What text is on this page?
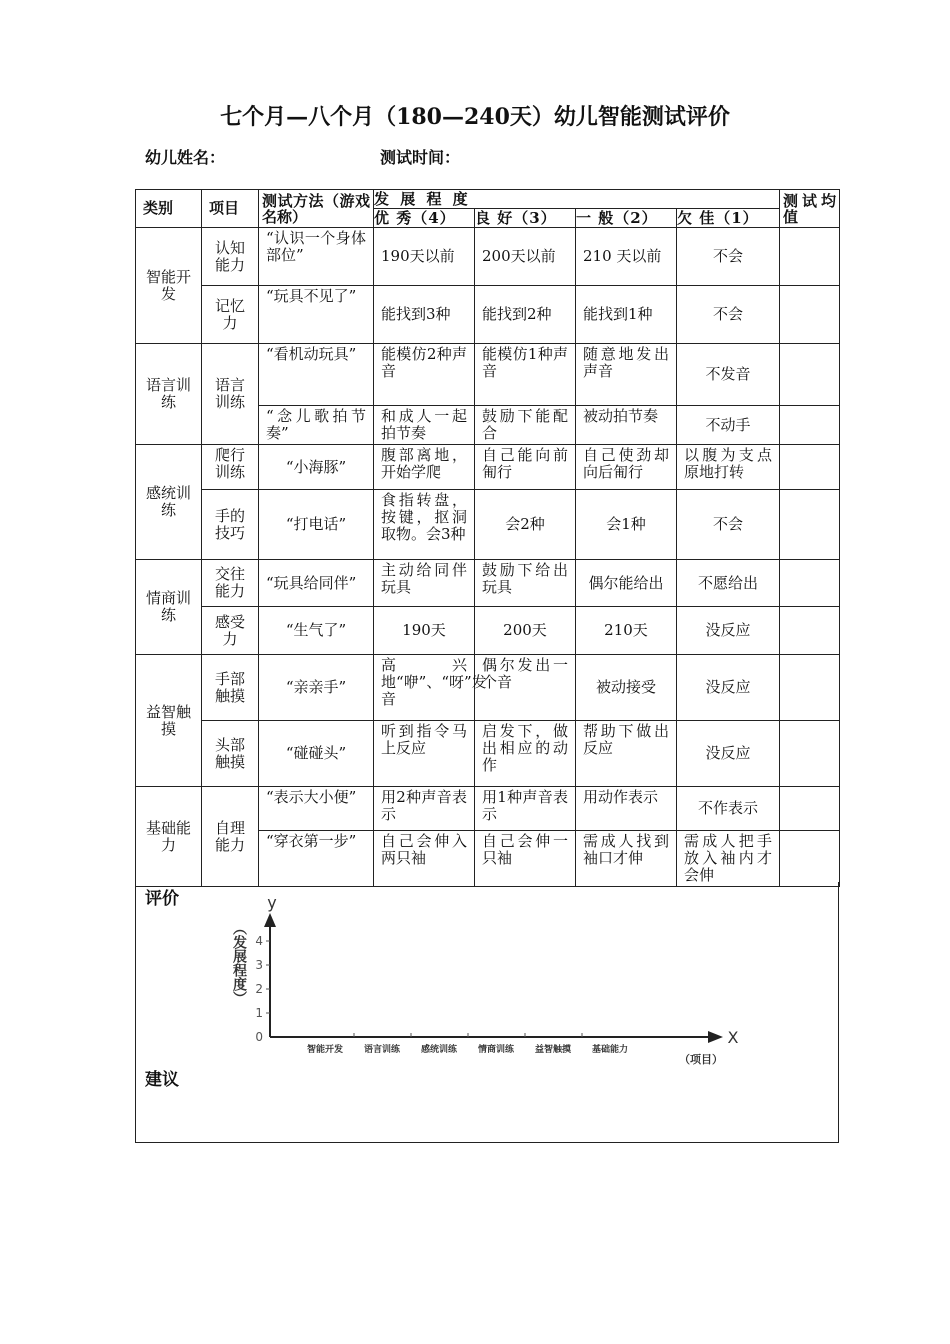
七个月—八个月（180—240天）幼儿智能测试评价
幼儿姓名：	测试时间：
类别	项目	测试方法（游戏名称）	发 展 程 度				测试均值
			优 秀（4）	良 好（3）	一 般（2）	欠 佳（1）	
智能开发	认知能力	“认识一个身体部位”	190天以前	200天以前	210 天以前	不会	
	记忆力	“玩具不见了”	能找到3种	能找到2种	能找到1种	不会	
语言训练	语言训练	“看机动玩具”	能模仿2种声音	能模仿1种声音	随意地发出声音	不发音	
		“念儿歌拍节奏”	和成人一起拍节奏	鼓励下能配合	被动拍节奏	不动手	
感统训练	爬行训练	“小海豚”	腹部离地，开始学爬	自己能向前匍行	自己使劲却向后匍行	以腹为支点原地打转	
	手的技巧	“打电话”	食指转盘，按键，抠洞取物。会3种	会2种	会1种	不会	
情商训练	交往能力	“玩具给同伴”	主动给同伴玩具	鼓励下给出玩具	偶尔能给出	不愿给出	
	感受力	“生气了”	190天	200天	210天	没反应	
益智触摸	手部触摸	“亲亲手”	高兴地“咿”、“呀”发音	偶尔发出一个音	被动接受	没反应	
	头部触摸	“碰碰头”	听到指令马上反应	启发下，做出相应的动作	帮助下做出反应	没反应	
基础能力	自理能力	“表示大小便”	用2种声音表示	用1种声音表示	用动作表示	不作表示	
		“穿衣第一步”	自己会伸入两只袖	自己会伸一只袖	需成人找到袖口才伸	需成人把手放入袖内才会伸	
评价
建议
0
1
2
3
4
智能开发 语言训练 感统训练 情商训练 益智触摸 基础能力
y
X
（项目）
（发展程度）
